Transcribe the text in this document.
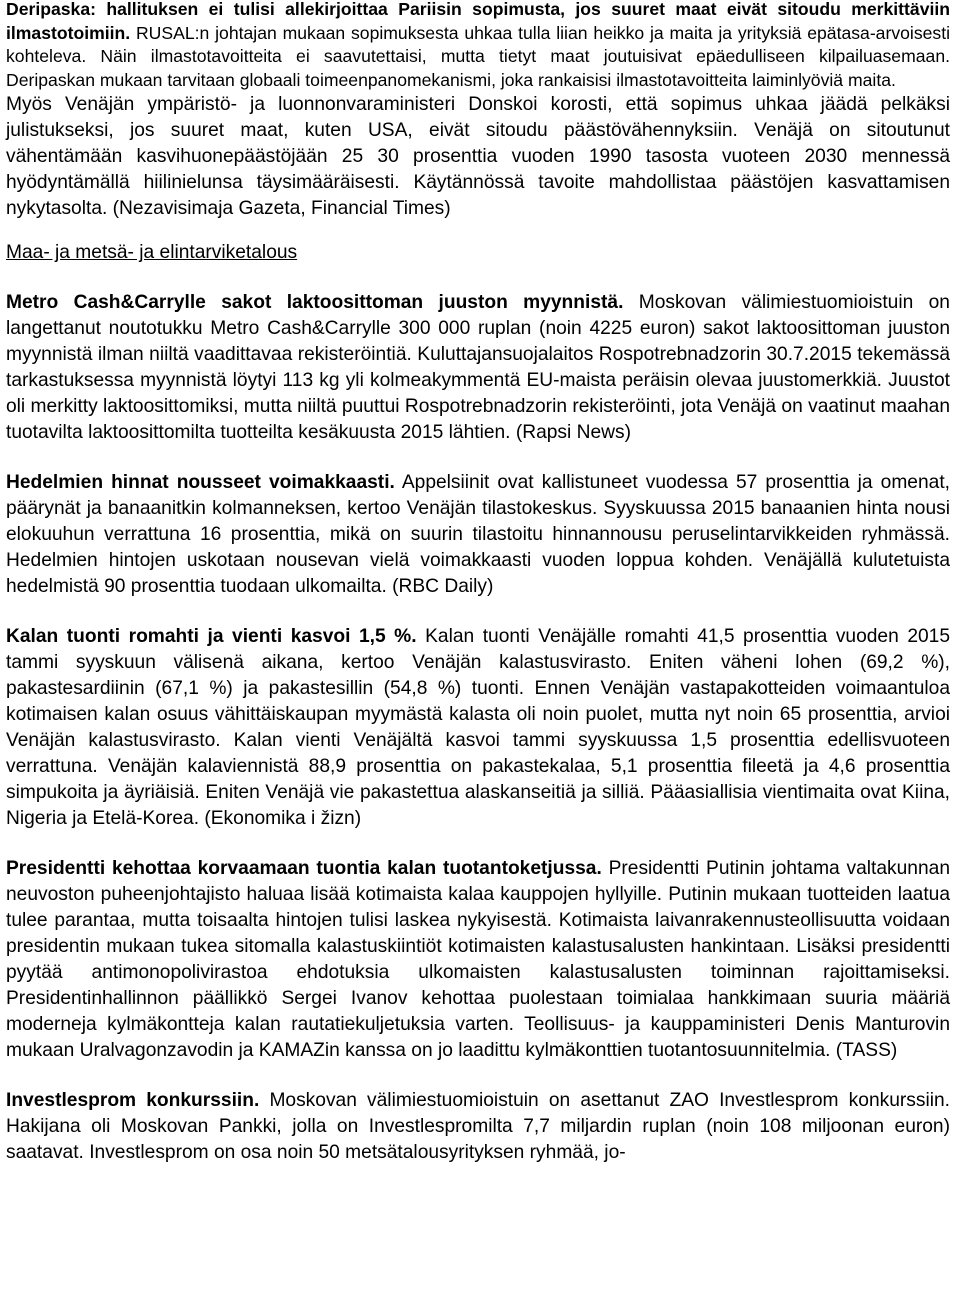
Deripaska: hallituksen ei tulisi allekirjoittaa Pariisin sopimusta, jos suuret maat eivät sitoudu merkittäviin ilmastotoimiin. RUSAL:n johtajan mukaan sopimuksesta uhkaa tulla liian heikko ja maita ja yrityksiä epätasa-arvoisesti kohteleva. Näin ilmastotavoitteita ei saavutettaisi, mutta tietyt maat joutuisivat epäedulliseen kilpailuasemaan. Deripaskan mukaan tarvitaan globaali toimeenpanomekanismi, joka rankaisisi ilmastotavoitteita laiminlyöviä maita.

Myös Venäjän ympäristö- ja luonnonvaraministeri Donskoi korosti, että sopimus uhkaa jäädä pelkäksi julistukseksi, jos suuret maat, kuten USA, eivät sitoudu päästövähennyksiin. Venäjä on sitoutunut vähentämään kasvihuonepäästöjään 25 30 prosenttia vuoden 1990 tasosta vuoteen 2030 mennessä hyödyntämällä hiilinielunsa täysimääräisesti. Käytännössä tavoite mahdollistaa päästöjen kasvattamisen nykytasolta. (Nezavisimaja Gazeta, Financial Times)

Maa- ja metsä- ja elintarviketalous

Metro Cash&Carrylle sakot laktoosittoman juuston myynnistä. Moskovan välimiestuomioistuin on langettanut noutotukku Metro Cash&Carrylle 300 000 ruplan (noin 4225 euron) sakot laktoosittoman juuston myynnistä ilman niiltä vaadittavaa rekisteröintiä. Kuluttajansuojalaitos Rospotrebnadzorin 30.7.2015 tekemässä tarkastuksessa myynnistä löytyi 113 kg yli kolmeakymmentä EU-maista peräisin olevaa juustomerkkiä. Juustot oli merkitty laktoosittomiksi, mutta niiltä puuttui Rospotrebnadzorin rekisteröinti, jota Venäjä on vaatinut maahan tuotavilta laktoosittomilta tuotteilta kesäkuusta 2015 lähtien. (Rapsi News)

Hedelmien hinnat nousseet voimakkaasti. Appelsiinit ovat kallistuneet vuodessa 57 prosenttia ja omenat, päärynät ja banaanitkin kolmanneksen, kertoo Venäjän tilastokeskus. Syyskuussa 2015 banaanien hinta nousi elokuuhun verrattuna 16 prosenttia, mikä on suurin tilastoitu hinnannousu peruselintarvikkeiden ryhmässä. Hedelmien hintojen uskotaan nousevan vielä voimakkaasti vuoden loppua kohden. Venäjällä kulutetuista hedelmistä 90 prosenttia tuodaan ulkomailta. (RBC Daily)

Kalan tuonti romahti ja vienti kasvoi 1,5 %. Kalan tuonti Venäjälle romahti 41,5 prosenttia vuoden 2015 tammi syyskuun välisenä aikana, kertoo Venäjän kalastusvirasto. Eniten väheni lohen (69,2 %), pakastesardiinin (67,1 %) ja pakastesillin (54,8 %) tuonti. Ennen Venäjän vastapakotteiden voimaantuloa kotimaisen kalan osuus vähittäiskaupan myymästä kalasta oli noin puolet, mutta nyt noin 65 prosenttia, arvioi Venäjän kalastusvirasto. Kalan vienti Venäjältä kasvoi tammi syyskuussa 1,5 prosenttia edellisvuoteen verrattuna. Venäjän kalaviennistä 88,9 prosenttia on pakastekalaa, 5,1 prosenttia fileetä ja 4,6 prosenttia simpukoita ja äyriäisiä. Eniten Venäjä vie pakastettua alaskanseitiä ja silliä. Pääasiallisia vientimaita ovat Kiina, Nigeria ja Etelä-Korea. (Ekonomika i žizn)

Presidentti kehottaa korvaamaan tuontia kalan tuotantoketjussa. Presidentti Putinin johtama valtakunnan neuvoston puheenjohtajisto haluaa lisää kotimaista kalaa kauppojen hyllyille. Putinin mukaan tuotteiden laatua tulee parantaa, mutta toisaalta hintojen tulisi laskea nykyisestä. Kotimaista laivanrakennusteollisuutta voidaan presidentin mukaan tukea sitomalla kalastuskiintiöt kotimaisten kalastusalusten hankintaan. Lisäksi presidentti pyytää antimonopolivirastoa ehdotuksia ulkomaisten kalastusalusten toiminnan rajoittamiseksi. Presidentinhallinnon päällikkö Sergei Ivanov kehottaa puolestaan toimialaa hankkimaan suuria määriä moderneja kylmäkontteja kalan rautatiekuljetuksia varten. Teollisuus- ja kauppaministeri Denis Manturovin mukaan Uralvagonzavodin ja KAMAZin kanssa on jo laadittu kylmäkonttien tuotantosuunnitelmia. (TASS)

Investlesprom konkurssiin. Moskovan välimiestuomioistuin on asettanut ZAO Investlesprom konkurssiin. Hakijana oli Moskovan Pankki, jolla on Investlespromilta 7,7 miljardin ruplan (noin 108 miljoonan euron) saatavat. Investlesprom on osa noin 50 metsätalousyrityksen ryhmää, jo-
